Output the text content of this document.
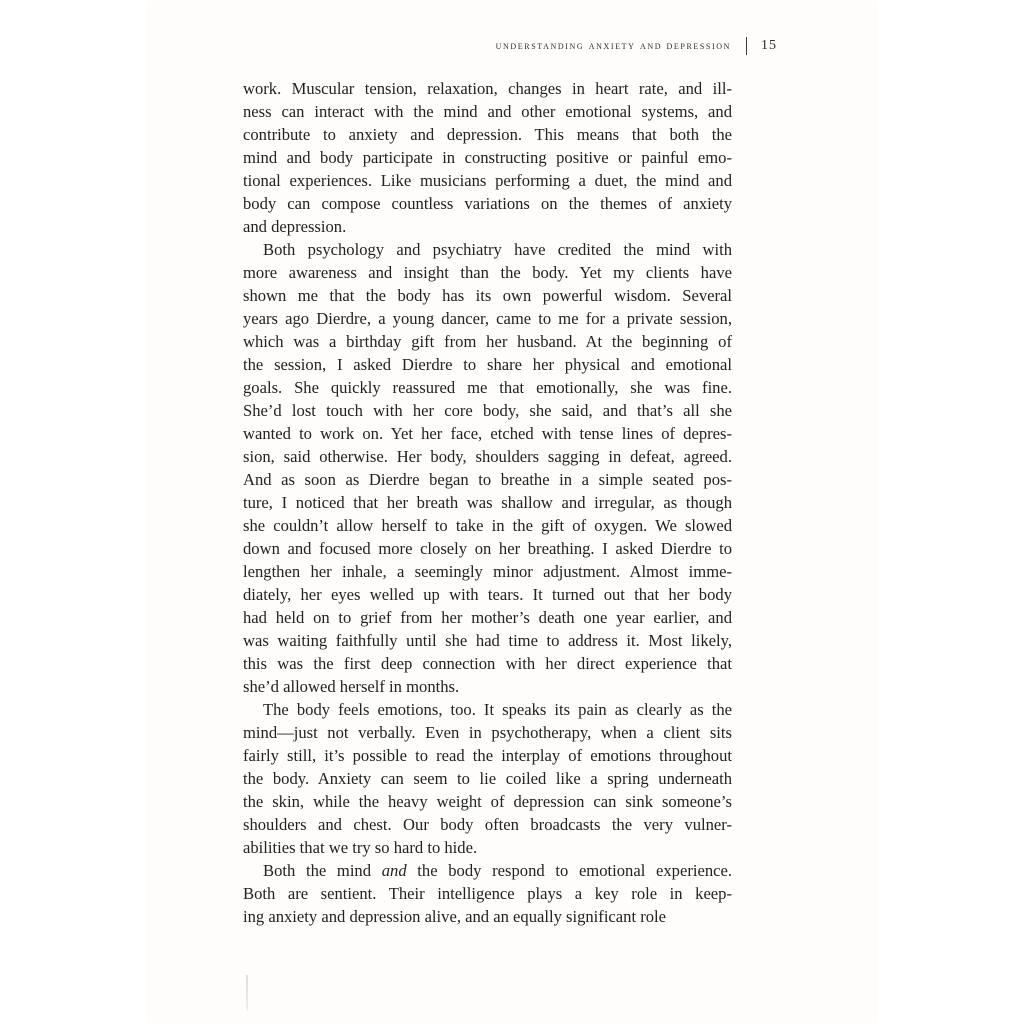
understanding anxiety and depression 15

work. Muscular tension, relaxation, changes in heart rate, and ill-
ness can interact with the mind and other emotional systems, and
contribute to anxiety and depression. This means that both the
mind and body participate in constructing positive or painful emo-
tional experiences. Like musicians performing a duet, the mind and
body can compose countless variations on the themes of anxiety
and depression.

Both psychology and psychiatry have credited the mind with
more awareness and insight than the body. Yet my clients have
shown me that the body has its own powerful wisdom. Several
years ago Dierdre, a young dancer, came to me for a private session,
which was a birthday gift from her husband. At the beginning of
the session, I asked Dierdre to share her physical and emotional
goals. She quickly reassured me that emotionally, she was fine.
She’d lost touch with her core body, she said, and that’s all she
wanted to work on. Yet her face, etched with tense lines of depres-
sion, said otherwise. Her body, shoulders sagging in defeat, agreed.
And as soon as Dierdre began to breathe in a simple seated pos-
ture, I noticed that her breath was shallow and irregular, as though
she couldn’t allow herself to take in the gift of oxygen. We slowed
down and focused more closely on her breathing. I asked Dierdre to
lengthen her inhale, a seemingly minor adjustment. Almost imme-
diately, her eyes welled up with tears. It turned out that her body
had held on to grief from her mother’s death one year earlier, and
was waiting faithfully until she had time to address it. Most likely,
this was the first deep connection with her direct experience that
she’d allowed herself in months.

The body feels emotions, too. It speaks its pain as clearly as the
mind—just not verbally. Even in psychotherapy, when a client sits
fairly still, it’s possible to read the interplay of emotions throughout
the body. Anxiety can seem to lie coiled like a spring underneath
the skin, while the heavy weight of depression can sink someone’s
shoulders and chest. Our body often broadcasts the very vulner-
abilities that we try so hard to hide.

Both the mind and the body respond to emotional experience.
Both are sentient. Their intelligence plays a key role in keep-
ing anxiety and depression alive, and an equally significant role
